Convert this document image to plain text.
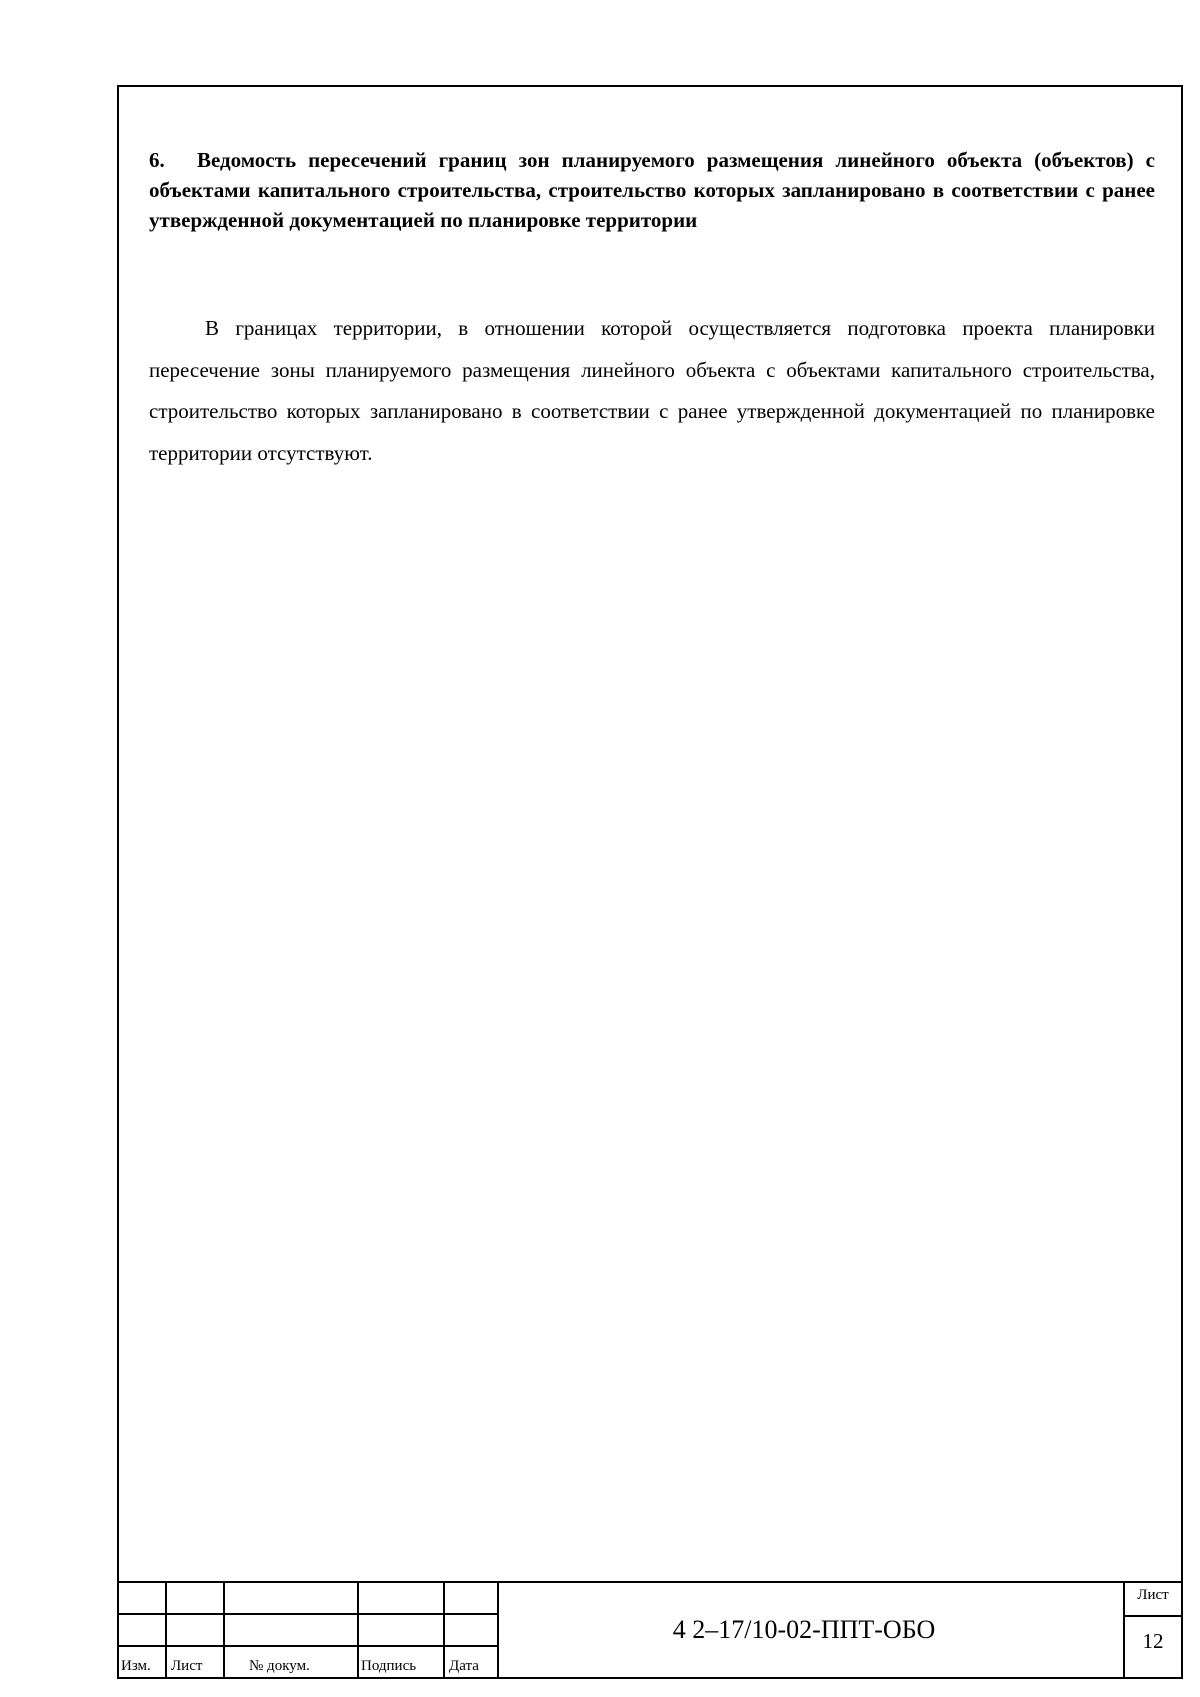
6. Ведомость пересечений границ зон планируемого размещения линейного объекта (объектов) с объектами капитального строительства, строительство которых запланировано в соответствии с ранее утвержденной документацией по планировке территории

В границах территории, в отношении которой осуществляется подготовка проекта планировки пересечение зоны планируемого размещения линейного объекта с объектами капитального строительства, строительство которых запланировано в соответствии с ранее утвержденной документацией по планировке территории отсутствуют.

Изм. Лист	№ докум.	Подпись Дата
4 2–17/10-02-ППТ-ОБО
Лист
12
